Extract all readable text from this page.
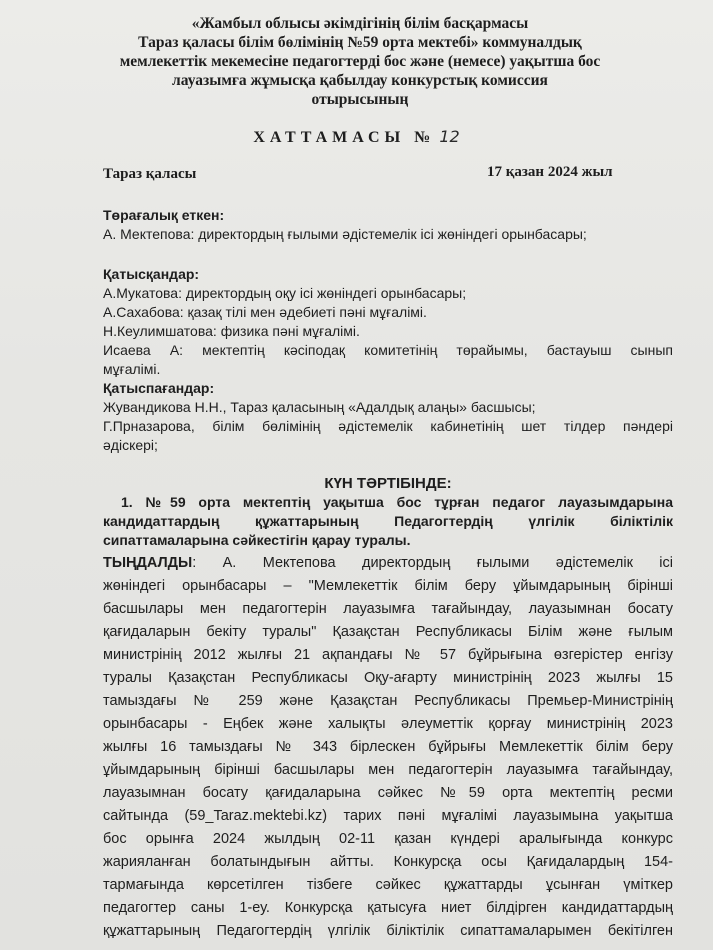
«Жамбыл облысы әкімдігінің білім басқармасы
Тараз қаласы білім бөлімінің №59 орта мектебі» коммуналдық
мемлекеттік мекемесіне педагогтерді бос және (немесе) уақытша бос
лауазымға жұмысқа қабылдау конкурстық комиссия
отырысының
ХАТТАМАСЫ № 12
Тараз қаласы	17 қазан 2024 жыл

Төрағалық еткен:

А. Мектепова: директордың ғылыми әдістемелік ісі жөніндегі орынбасары;

Қатысқандар:

А.Мукатова: директордың оқу ісі жөніндегі орынбасары;

А.Сахабова: қазақ тілі мен әдебиеті пәні мұғалімі.

Н.Кеулимшатова: физика пәні мұғалімі.

Исаева А: мектептің кәсіподақ комитетінің төрайымы, бастауыш сынып

мұғалімі.

Қатыспағандар:

Жувандикова Н.Н., Тараз қаласының «Адалдық алаңы» басшысы;

Г.Прназарова, білім бөлімінің әдістемелік кабинетінің шет тілдер пәндері

әдіскері;

КҮН ТӘРТІБІНДЕ:
1. №59 орта мектептің уақытша бос тұрған педагог лауазымдарына
кандидаттардың құжаттарының Педагогтердің үлгілік біліктілік
сипаттамаларына сәйкестігін қарау туралы.
ТЫҢДАЛДЫ: А. Мектепова директордың ғылыми әдістемелік ісі
жөніндегі орынбасары – "Мемлекеттік білім беру ұйымдарының бірінші
басшылары мен педагогтерін лауазымға тағайындау, лауазымнан босату
қағидаларын бекіту туралы" Қазақстан Республикасы Білім және ғылым
министрінің 2012 жылғы 21 ақпандағы № 57 бұйрығына өзгерістер енгізу
туралы Қазақстан Республикасы Оқу-ағарту министрінің 2023 жылғы 15
тамыздағы № 259 және Қазақстан Республикасы Премьер-Министрінің
орынбасары - Еңбек және халықты әлеуметтік қорғау министрінің 2023
жылғы 16 тамыздағы № 343 бірлескен бұйрығы Мемлекеттік білім беру
ұйымдарының бірінші басшылары мен педагогтерін лауазымға тағайындау,
лауазымнан босату қағидаларына сәйкес №59 орта мектептің ресми
сайтында (59_Taraz.mektebi.kz) тарих пәні мұғалімі лауазымына уақытша
бос орынға 2024 жылдың 02-11 қазан күндері аралығында конкурс
жарияланған болатындығын айтты. Конкурсқа осы Қағидалардың 154-
тармағында көрсетілген тізбеге сәйкес құжаттарды ұсынған үміткер
педагогтер саны 1-еу. Конкурсқа қатысуға ниет білдірген кандидаттардың
құжаттарының Педагогтердің үлгілік біліктілік сипаттамаларымен бекітілген
